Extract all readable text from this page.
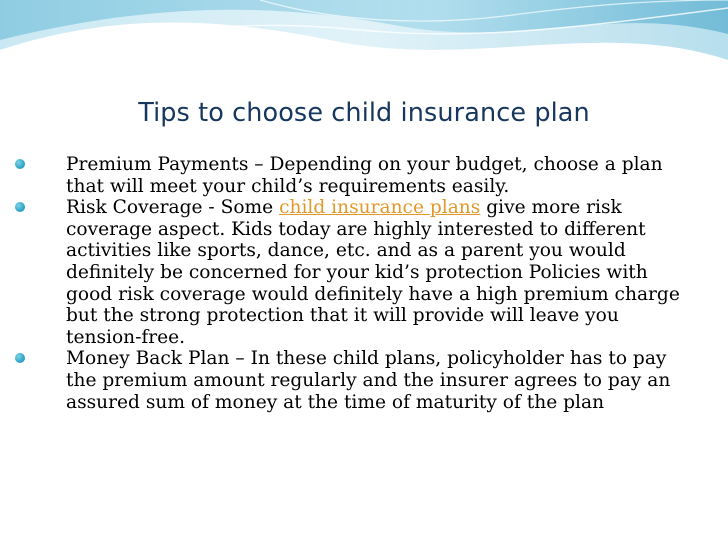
Tips to choose child insurance plan
Premium Payments – Depending on your budget, choose a plan that will meet your child’s requirements easily.
Risk Coverage - Some child insurance plans give more risk coverage aspect. Kids today are highly interested to different activities like sports, dance, etc. and as a parent you would definitely be concerned for your kid’s protection Policies with good risk coverage would definitely have a high premium charge but the strong protection that it will provide will leave you tension-free.
Money Back Plan – In these child plans, policyholder has to pay the premium amount regularly and the insurer agrees to pay an assured sum of money at the time of maturity of the plan
